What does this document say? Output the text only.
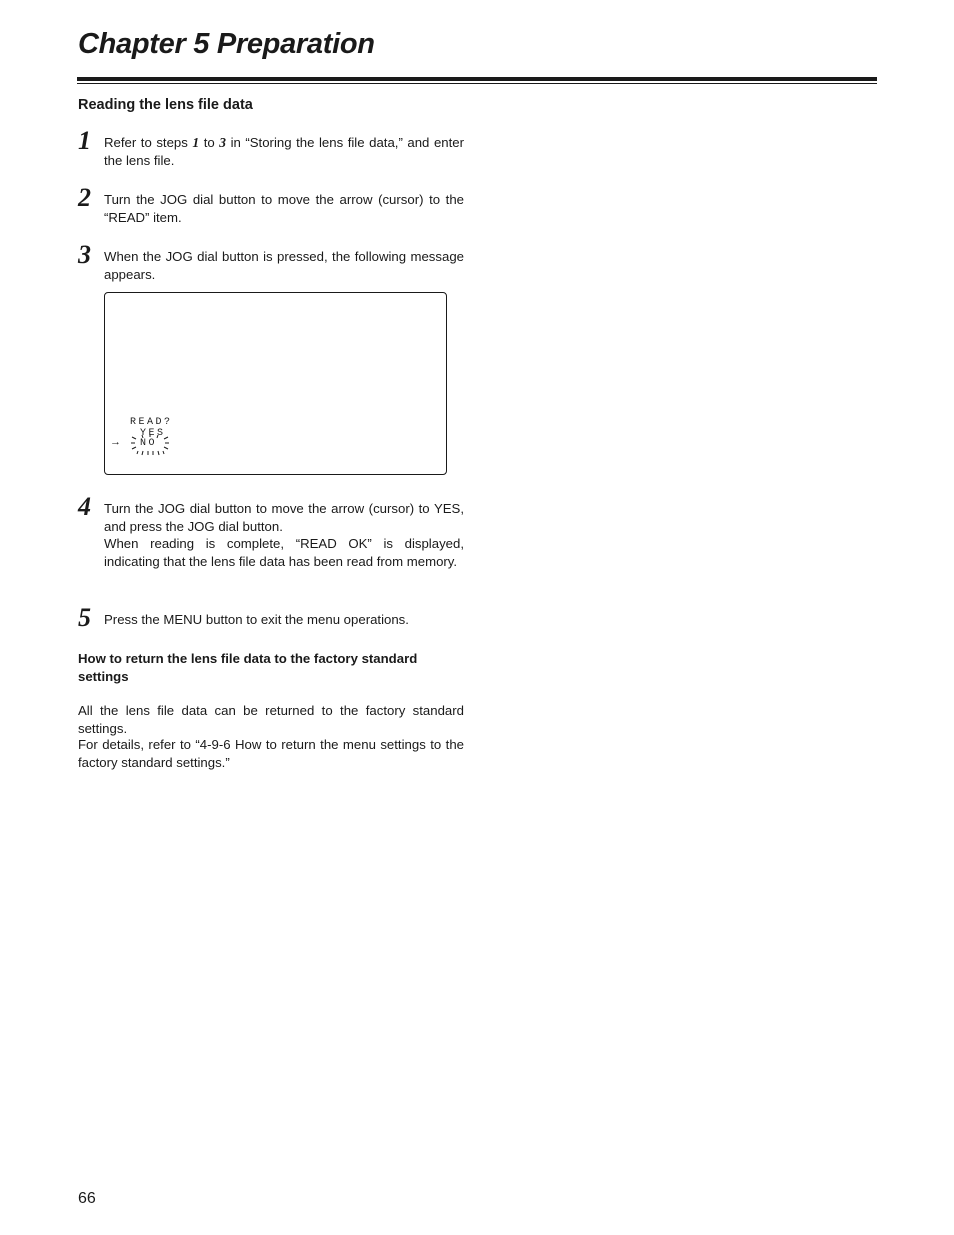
Chapter 5 Preparation
Reading the lens file data
1 Refer to steps 1 to 3 in “Storing the lens file data,” and enter the lens file.

2 Turn the JOG dial button to move the arrow (cursor) to the “READ” item.

3 When the JOG dial button is pressed, the following message appears.

READ?
YES
→ NO
4 Turn the JOG dial button to move the arrow (cursor) to YES, and press the JOG dial button.

When reading is complete, “READ OK” is displayed, indicating that the lens file data has been read from memory.

5 Press the MENU button to exit the menu operations.

How to return the lens file data to the factory standard settings

All the lens file data can be returned to the factory standard settings.

For details, refer to “4-9-6 How to return the menu settings to the factory standard settings.”

66
